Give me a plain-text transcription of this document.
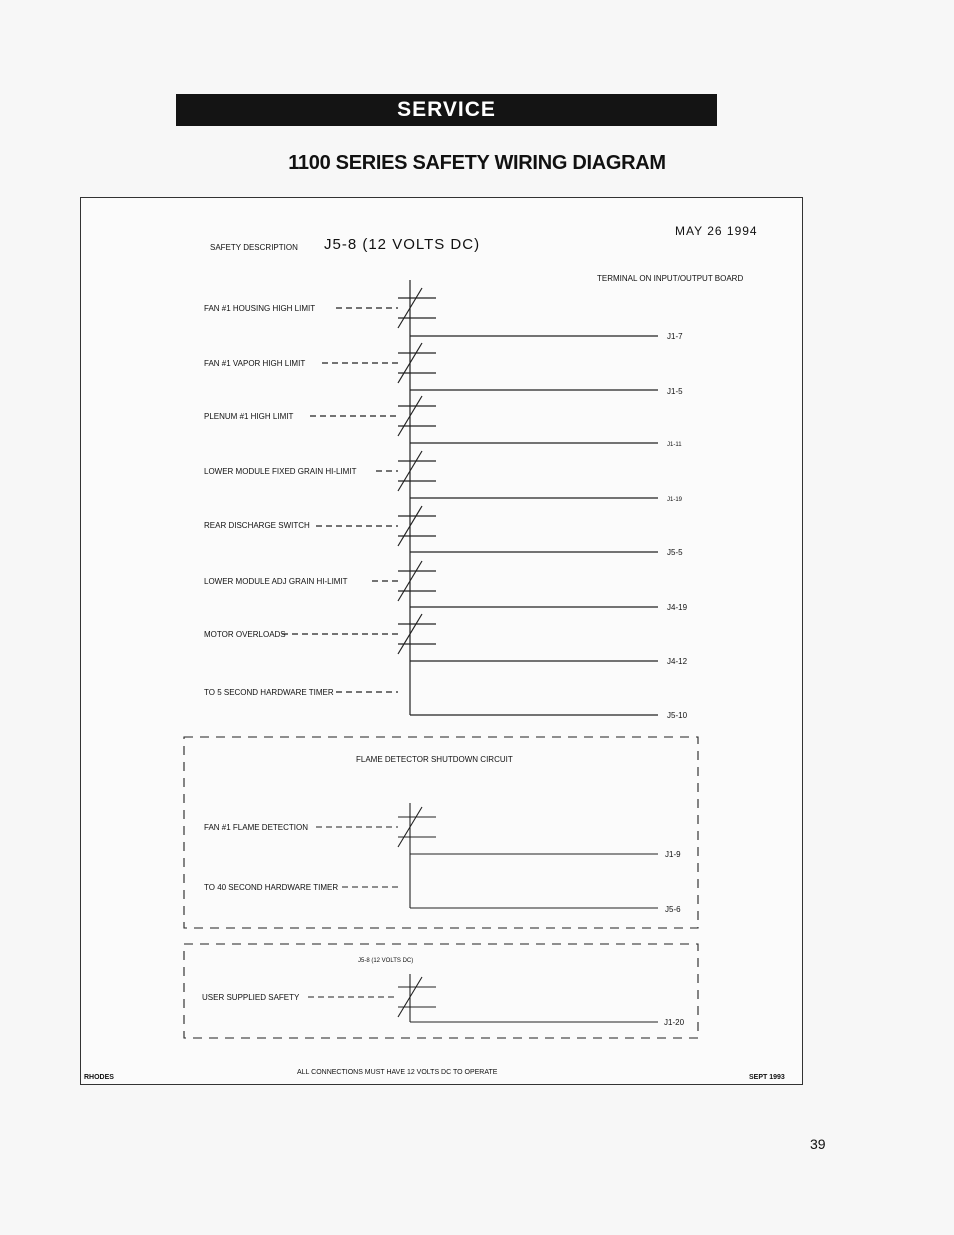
SERVICE
1100 SERIES SAFETY WIRING DIAGRAM
MAY 26 1994
SAFETY DESCRIPTION J5-8 (12 VOLTS DC)
TERMINAL ON INPUT/OUTPUT BOARD
FAN #1 HOUSING HIGH LIMIT
FAN #1 VAPOR HIGH LIMIT
PLENUM #1 HIGH LIMIT
LOWER MODULE FIXED GRAIN HI-LIMIT
REAR DISCHARGE SWITCH
LOWER MODULE ADJ GRAIN HI-LIMIT
MOTOR OVERLOADS
TO 5 SECOND HARDWARE TIMER
J1-7
J1-5
J1-11
J1-19
J5-5
J4-19
J4-12
J5-10
FLAME DETECTOR SHUTDOWN CIRCUIT
FAN #1 FLAME DETECTION
TO 40 SECOND HARDWARE TIMER
J1-9
J5-6
J5-8 (12 VOLTS DC)
USER SUPPLIED SAFETY
J1-20
RHODES
ALL CONNECTIONS MUST HAVE 12 VOLTS DC TO OPERATE
SEPT 1993
39
